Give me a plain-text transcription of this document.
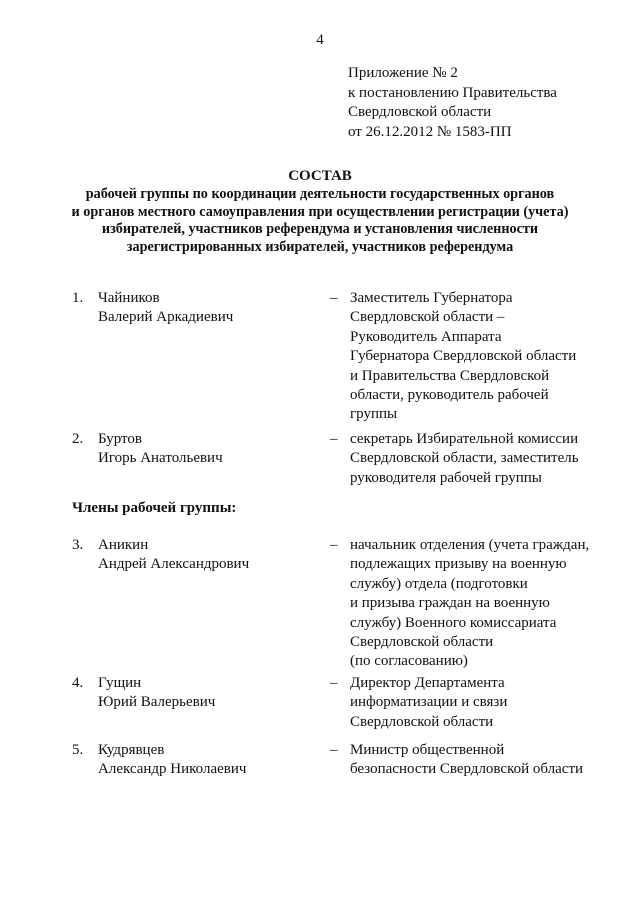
4
Приложение № 2
к постановлению Правительства
Свердловской области
от 26.12.2012 № 1583-ПП
СОСТАВ
рабочей группы по координации деятельности государственных органов
и органов местного самоуправления при осуществлении регистрации (учета)
избирателей, участников референдума и установления численности
зарегистрированных избирателей, участников референдума
1. Чайников
Валерий Аркадиевич
– Заместитель Губернатора
Свердловской области –
Руководитель Аппарата
Губернатора Свердловской области
и Правительства Свердловской
области, руководитель рабочей
группы
2. Буртов
Игорь Анатольевич
– секретарь Избирательной комиссии
Свердловской области, заместитель
руководителя рабочей группы
Члены рабочей группы:
3. Аникин
Андрей Александрович
– начальник отделения (учета граждан,
подлежащих призыву на военную
службу) отдела (подготовки
и призыва граждан на военную
службу) Военного комиссариата
Свердловской области
(по согласованию)
4. Гущин
Юрий Валерьевич
– Директор Департамента
информатизации и связи
Свердловской области
5. Кудрявцев
Александр Николаевич
– Министр общественной
безопасности Свердловской области
